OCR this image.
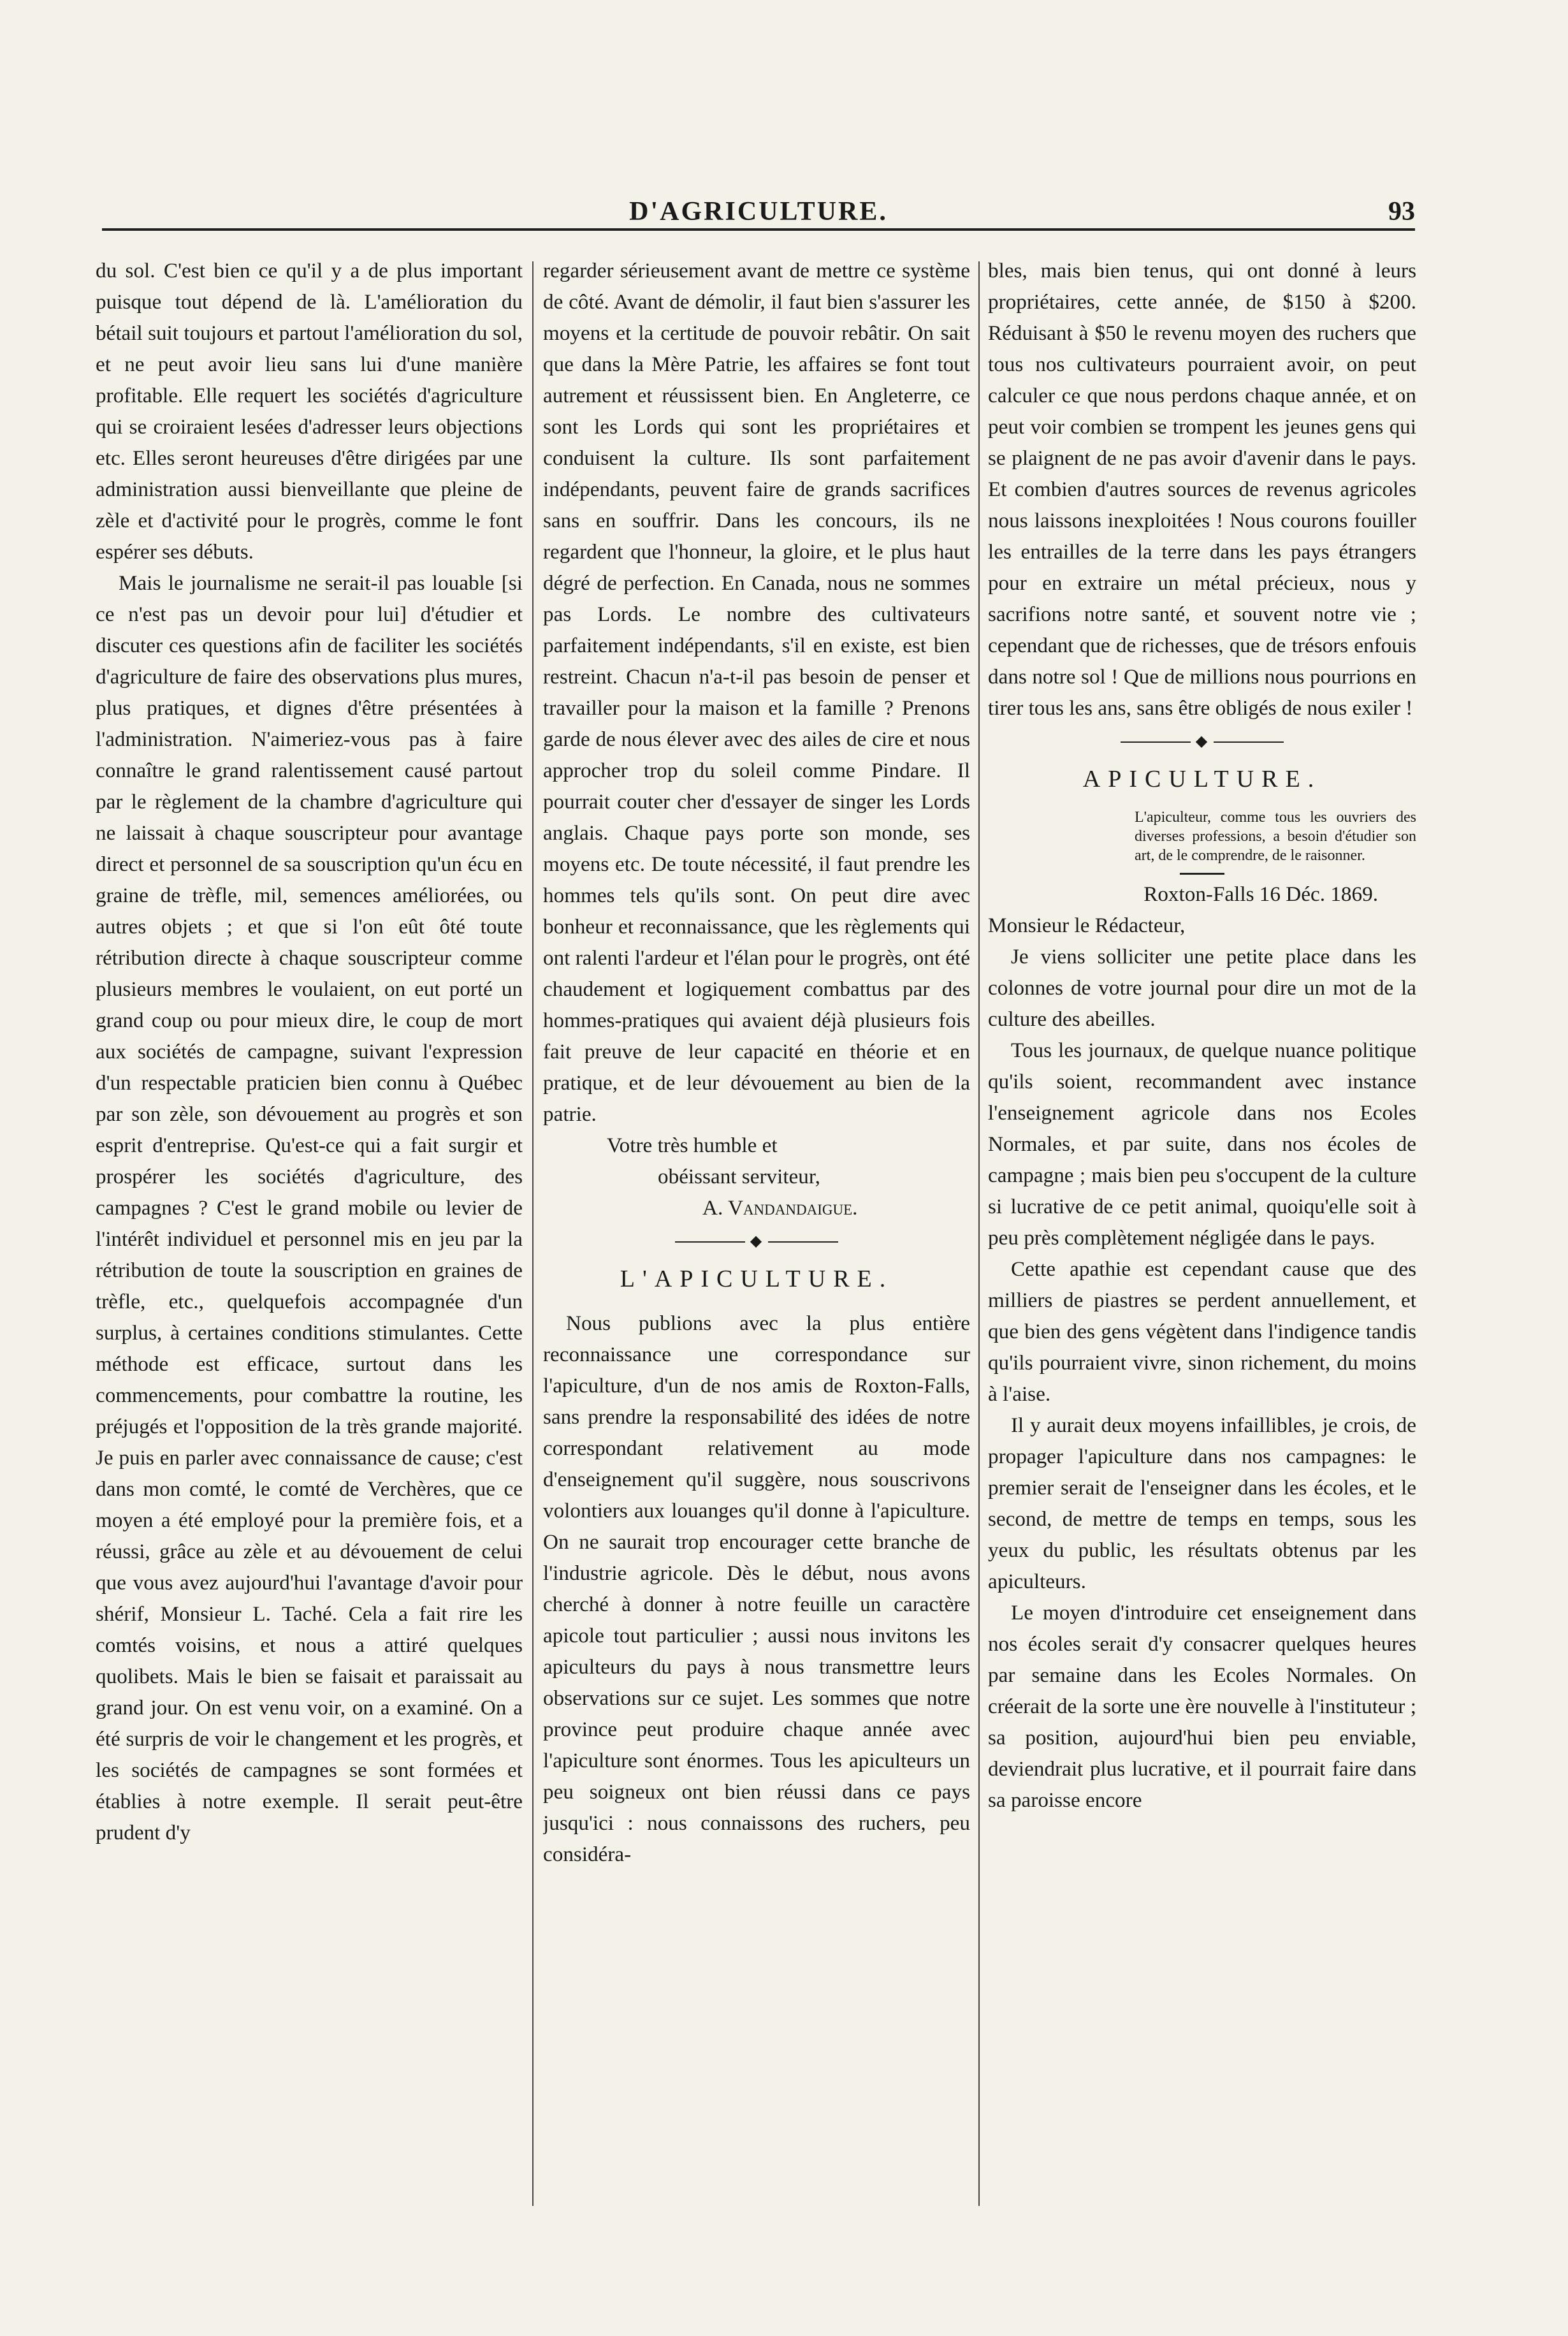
D'AGRICULTURE.	93

du sol. C'est bien ce qu'il y a de plus important puisque tout dépend de là. L'amélioration du bétail suit toujours et partout l'amélioration du sol, et ne peut avoir lieu sans lui d'une manière profitable. Elle requert les sociétés d'agriculture qui se croiraient lesées d'adresser leurs objections etc. Elles seront heureuses d'être dirigées par une administration aussi bienveillante que pleine de zèle et d'activité pour le progrès, comme le font espérer ses débuts.

Mais le journalisme ne serait-il pas louable [si ce n'est pas un devoir pour lui] d'étudier et discuter ces questions afin de faciliter les sociétés d'agriculture de faire des observations plus mures, plus pratiques, et dignes d'être présentées à l'administration. N'aimeriez-vous pas à faire connaître le grand ralentissement causé partout par le règlement de la chambre d'agriculture qui ne laissait à chaque souscripteur pour avantage direct et personnel de sa souscription qu'un écu en graine de trèfle, mil, semences améliorées, ou autres objets ; et que si l'on eût ôté toute rétribution directe à chaque souscripteur comme plusieurs membres le voulaient, on eut porté un grand coup ou pour mieux dire, le coup de mort aux sociétés de campagne, suivant l'expression d'un respectable praticien bien connu à Québec par son zèle, son dévouement au progrès et son esprit d'entreprise. Qu'est-ce qui a fait surgir et prospérer les sociétés d'agriculture, des campagnes ? C'est le grand mobile ou levier de l'intérêt individuel et personnel mis en jeu par la rétribution de toute la souscription en graines de trèfle, etc., quelquefois accompagnée d'un surplus, à certaines conditions stimulantes. Cette méthode est efficace, surtout dans les commencements, pour combattre la routine, les préjugés et l'opposition de la très grande majorité. Je puis en parler avec connaissance de cause; c'est dans mon comté, le comté de Verchères, que ce moyen a été employé pour la première fois, et a réussi, grâce au zèle et au dévouement de celui que vous avez aujourd'hui l'avantage d'avoir pour shérif, Monsieur L. Taché. Cela a fait rire les comtés voisins, et nous a attiré quelques quolibets. Mais le bien se faisait et paraissait au grand jour. On est venu voir, on a examiné. On a été surpris de voir le changement et les progrès, et les sociétés de campagnes se sont formées et établies à notre exemple. Il serait peut-être prudent d'y

regarder sérieusement avant de mettre ce système de côté. Avant de démolir, il faut bien s'assurer les moyens et la certitude de pouvoir rebâtir. On sait que dans la Mère Patrie, les affaires se font tout autrement et réussissent bien. En Angleterre, ce sont les Lords qui sont les propriétaires et conduisent la culture. Ils sont parfaitement indépendants, peuvent faire de grands sacrifices sans en souffrir. Dans les concours, ils ne regardent que l'honneur, la gloire, et le plus haut dégré de perfection. En Canada, nous ne sommes pas Lords. Le nombre des cultivateurs parfaitement indépendants, s'il en existe, est bien restreint. Chacun n'a-t-il pas besoin de penser et travailler pour la maison et la famille ? Prenons garde de nous élever avec des ailes de cire et nous approcher trop du soleil comme Pindare. Il pourrait couter cher d'essayer de singer les Lords anglais. Chaque pays porte son monde, ses moyens etc. De toute nécessité, il faut prendre les hommes tels qu'ils sont. On peut dire avec bonheur et reconnaissance, que les règlements qui ont ralenti l'ardeur et l'élan pour le progrès, ont été chaudement et logiquement combattus par des hommes-pratiques qui avaient déjà plusieurs fois fait preuve de leur capacité en théorie et en pratique, et de leur dévouement au bien de la patrie.

Votre très humble et
obéissant serviteur,
A. Vandandaigue.
◆
L'APICULTURE.

Nous publions avec la plus entière reconnaissance une correspondance sur l'apiculture, d'un de nos amis de Roxton-Falls, sans prendre la responsabilité des idées de notre correspondant relativement au mode d'enseignement qu'il suggère, nous souscrivons volontiers aux louanges qu'il donne à l'apiculture. On ne saurait trop encourager cette branche de l'industrie agricole. Dès le début, nous avons cherché à donner à notre feuille un caractère apicole tout particulier ; aussi nous invitons les apiculteurs du pays à nous transmettre leurs observations sur ce sujet. Les sommes que notre province peut produire chaque année avec l'apiculture sont énormes. Tous les apiculteurs un peu soigneux ont bien réussi dans ce pays jusqu'ici : nous connaissons des ruchers, peu considéra-

bles, mais bien tenus, qui ont donné à leurs propriétaires, cette année, de $150 à $200. Réduisant à $50 le revenu moyen des ruchers que tous nos cultivateurs pourraient avoir, on peut calculer ce que nous perdons chaque année, et on peut voir combien se trompent les jeunes gens qui se plaignent de ne pas avoir d'avenir dans le pays. Et combien d'autres sources de revenus agricoles nous laissons inexploitées ! Nous courons fouiller les entrailles de la terre dans les pays étrangers pour en extraire un métal précieux, nous y sacrifions notre santé, et souvent notre vie ; cependant que de richesses, que de trésors enfouis dans notre sol ! Que de millions nous pourrions en tirer tous les ans, sans être obligés de nous exiler !

◆
APICULTURE.
L'apiculteur, comme tous les ouvriers des diverses professions, a besoin d'étudier son art, de le comprendre, de le raisonner.
Roxton-Falls 16 Déc. 1869.

Monsieur le Rédacteur,

Je viens solliciter une petite place dans les colonnes de votre journal pour dire un mot de la culture des abeilles.

Tous les journaux, de quelque nuance politique qu'ils soient, recommandent avec instance l'enseignement agricole dans nos Ecoles Normales, et par suite, dans nos écoles de campagne ; mais bien peu s'occupent de la culture si lucrative de ce petit animal, quoiqu'elle soit à peu près complètement négligée dans le pays.

Cette apathie est cependant cause que des milliers de piastres se perdent annuellement, et que bien des gens végètent dans l'indigence tandis qu'ils pourraient vivre, sinon richement, du moins à l'aise.

Il y aurait deux moyens infaillibles, je crois, de propager l'apiculture dans nos campagnes: le premier serait de l'enseigner dans les écoles, et le second, de mettre de temps en temps, sous les yeux du public, les résultats obtenus par les apiculteurs.

Le moyen d'introduire cet enseignement dans nos écoles serait d'y consacrer quelques heures par semaine dans les Ecoles Normales. On créerait de la sorte une ère nouvelle à l'instituteur ; sa position, aujourd'hui bien peu enviable, deviendrait plus lucrative, et il pourrait faire dans sa paroisse encore
